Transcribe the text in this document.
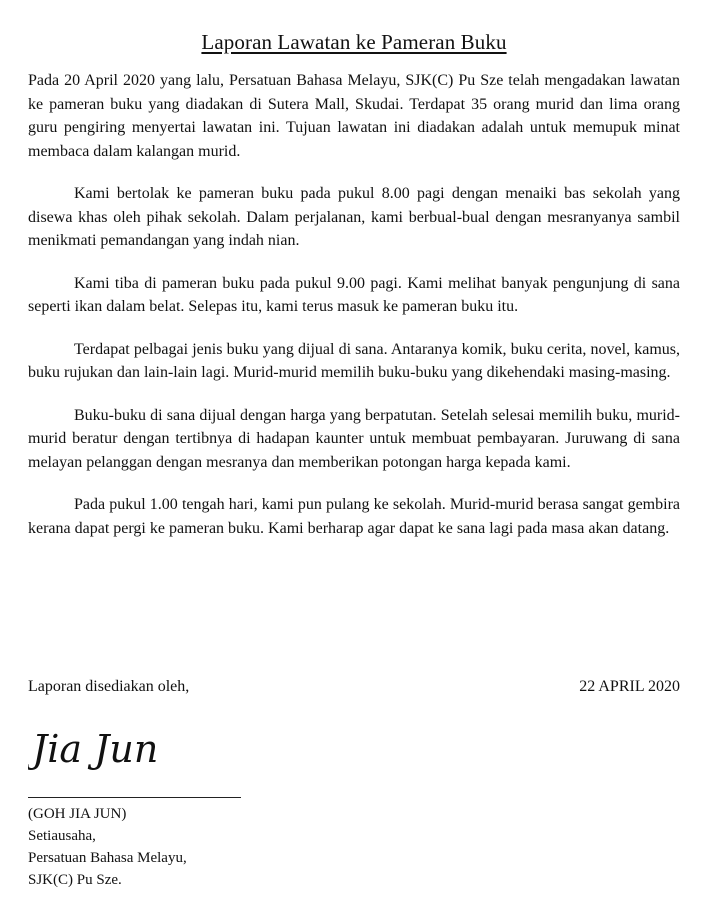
Laporan Lawatan ke Pameran Buku

Pada 20 April 2020 yang lalu, Persatuan Bahasa Melayu, SJK(C) Pu Sze telah mengadakan lawatan ke pameran buku yang diadakan di Sutera Mall, Skudai. Terdapat 35 orang murid dan lima orang guru pengiring menyertai lawatan ini. Tujuan lawatan ini diadakan adalah untuk memupuk minat membaca dalam kalangan murid.

Kami bertolak ke pameran buku pada pukul 8.00 pagi dengan menaiki bas sekolah yang disewa khas oleh pihak sekolah. Dalam perjalanan, kami berbual-bual dengan mesranyanya sambil menikmati pemandangan yang indah nian.

Kami tiba di pameran buku pada pukul 9.00 pagi. Kami melihat banyak pengunjung di sana seperti ikan dalam belat. Selepas itu, kami terus masuk ke pameran buku itu.

Terdapat pelbagai jenis buku yang dijual di sana. Antaranya komik, buku cerita, novel, kamus, buku rujukan dan lain-lain lagi. Murid-murid memilih buku-buku yang dikehendaki masing-masing.

Buku-buku di sana dijual dengan harga yang berpatutan. Setelah selesai memilih buku, murid-murid beratur dengan tertibnya di hadapan kaunter untuk membuat pembayaran. Juruwang di sana melayan pelanggan dengan mesranya dan memberikan potongan harga kepada kami.

Pada pukul 1.00 tengah hari, kami pun pulang ke sekolah. Murid-murid berasa sangat gembira kerana dapat pergi ke pameran buku. Kami berharap agar dapat ke sana lagi pada masa akan datang.

Laporan disediakan oleh,	22 APRIL 2020
Jia Jun
(GOH JIA JUN)
Setiausaha,
Persatuan Bahasa Melayu,
SJK(C) Pu Sze.
